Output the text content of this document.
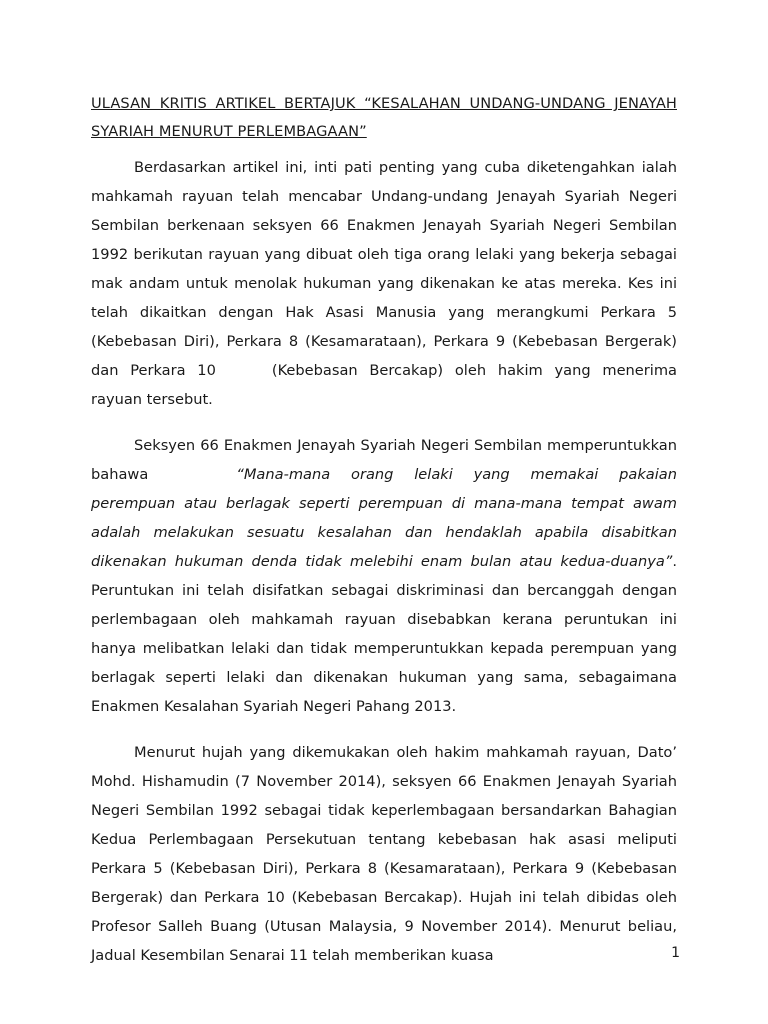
ULASAN KRITIS ARTIKEL BERTAJUK “KESALAHAN UNDANG-UNDANG JENAYAH SYARIAH MENURUT PERLEMBAGAAN”

Berdasarkan artikel ini, inti pati penting yang cuba diketengahkan ialah mahkamah rayuan telah mencabar Undang-undang Jenayah Syariah Negeri Sembilan berkenaan seksyen 66 Enakmen Jenayah Syariah Negeri Sembilan 1992 berikutan rayuan yang dibuat oleh tiga orang lelaki yang bekerja sebagai mak andam untuk menolak hukuman yang dikenakan ke atas mereka. Kes ini telah dikaitkan dengan Hak Asasi Manusia yang merangkumi Perkara 5 (Kebebasan Diri), Perkara 8 (Kesamarataan), Perkara 9 (Kebebasan Bergerak) dan Perkara 10	(Kebebasan Bercakap) oleh hakim yang menerima rayuan tersebut.

Seksyen 66 Enakmen Jenayah Syariah Negeri Sembilan memperuntukkan bahawa	“Mana-mana orang lelaki yang memakai pakaian perempuan atau berlagak seperti perempuan di mana-mana tempat awam adalah melakukan sesuatu kesalahan dan hendaklah apabila disabitkan dikenakan hukuman denda tidak melebihi enam bulan atau kedua-duanya”. Peruntukan ini telah disifatkan sebagai diskriminasi dan bercanggah dengan perlembagaan oleh mahkamah rayuan disebabkan kerana peruntukan ini hanya melibatkan lelaki dan tidak memperuntukkan kepada perempuan yang berlagak seperti lelaki dan dikenakan hukuman yang sama, sebagaimana Enakmen Kesalahan Syariah Negeri Pahang 2013.

Menurut hujah yang dikemukakan oleh hakim mahkamah rayuan, Dato’ Mohd. Hishamudin (7 November 2014), seksyen 66 Enakmen Jenayah Syariah Negeri Sembilan 1992 sebagai tidak keperlembagaan bersandarkan Bahagian Kedua Perlembagaan Persekutuan tentang kebebasan hak asasi meliputi Perkara 5 (Kebebasan Diri), Perkara 8 (Kesamarataan), Perkara 9 (Kebebasan Bergerak) dan Perkara 10 (Kebebasan Bercakap). Hujah ini telah dibidas oleh Profesor Salleh Buang (Utusan Malaysia, 9 November 2014). Menurut beliau, Jadual Kesembilan Senarai 11 telah memberikan kuasa	1
